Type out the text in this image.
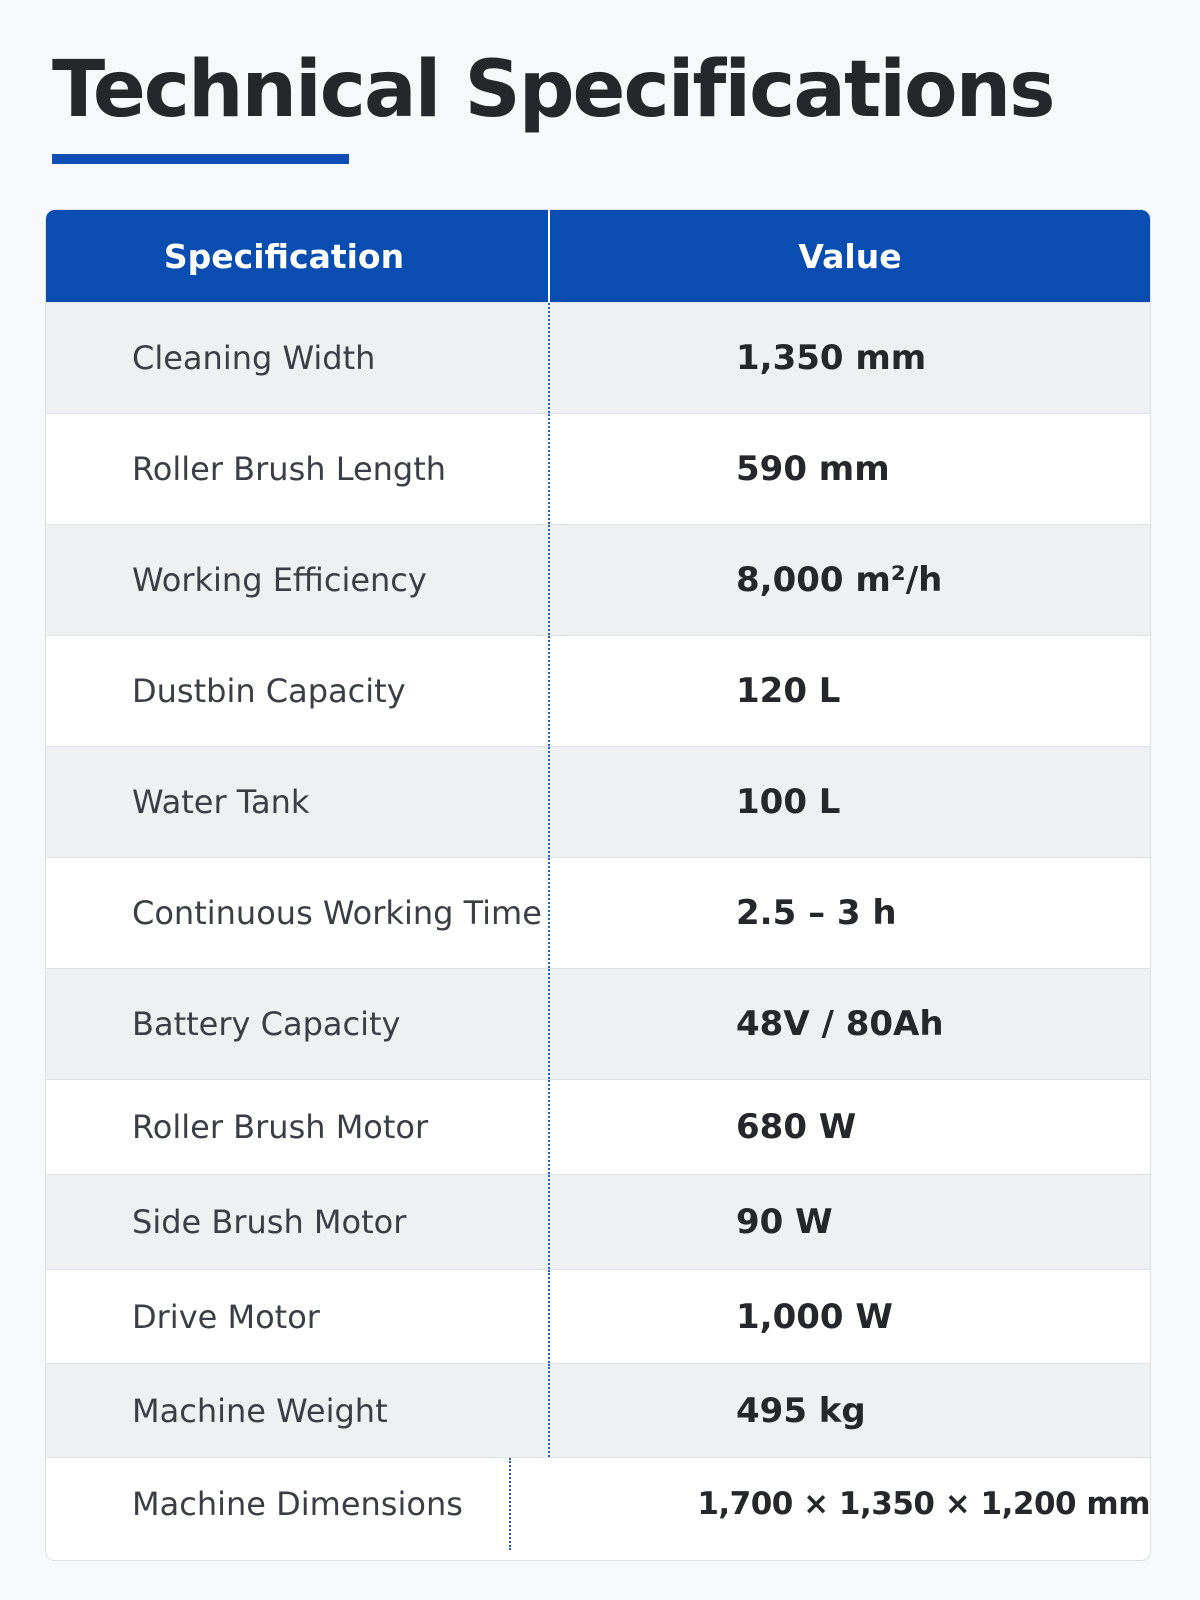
Technical Specifications
Specification	Value
Cleaning Width	1,350 mm
Roller Brush Length	590 mm
Working Efficiency	8,000 m²/h
Dustbin Capacity	120 L
Water Tank	100 L
Continuous Working Time	2.5 – 3 h
Battery Capacity	48V / 80Ah
Roller Brush Motor	680 W
Side Brush Motor	90 W
Drive Motor	1,000 W
Machine Weight	495 kg
Machine Dimensions	1,700 × 1,350 × 1,200 mm
